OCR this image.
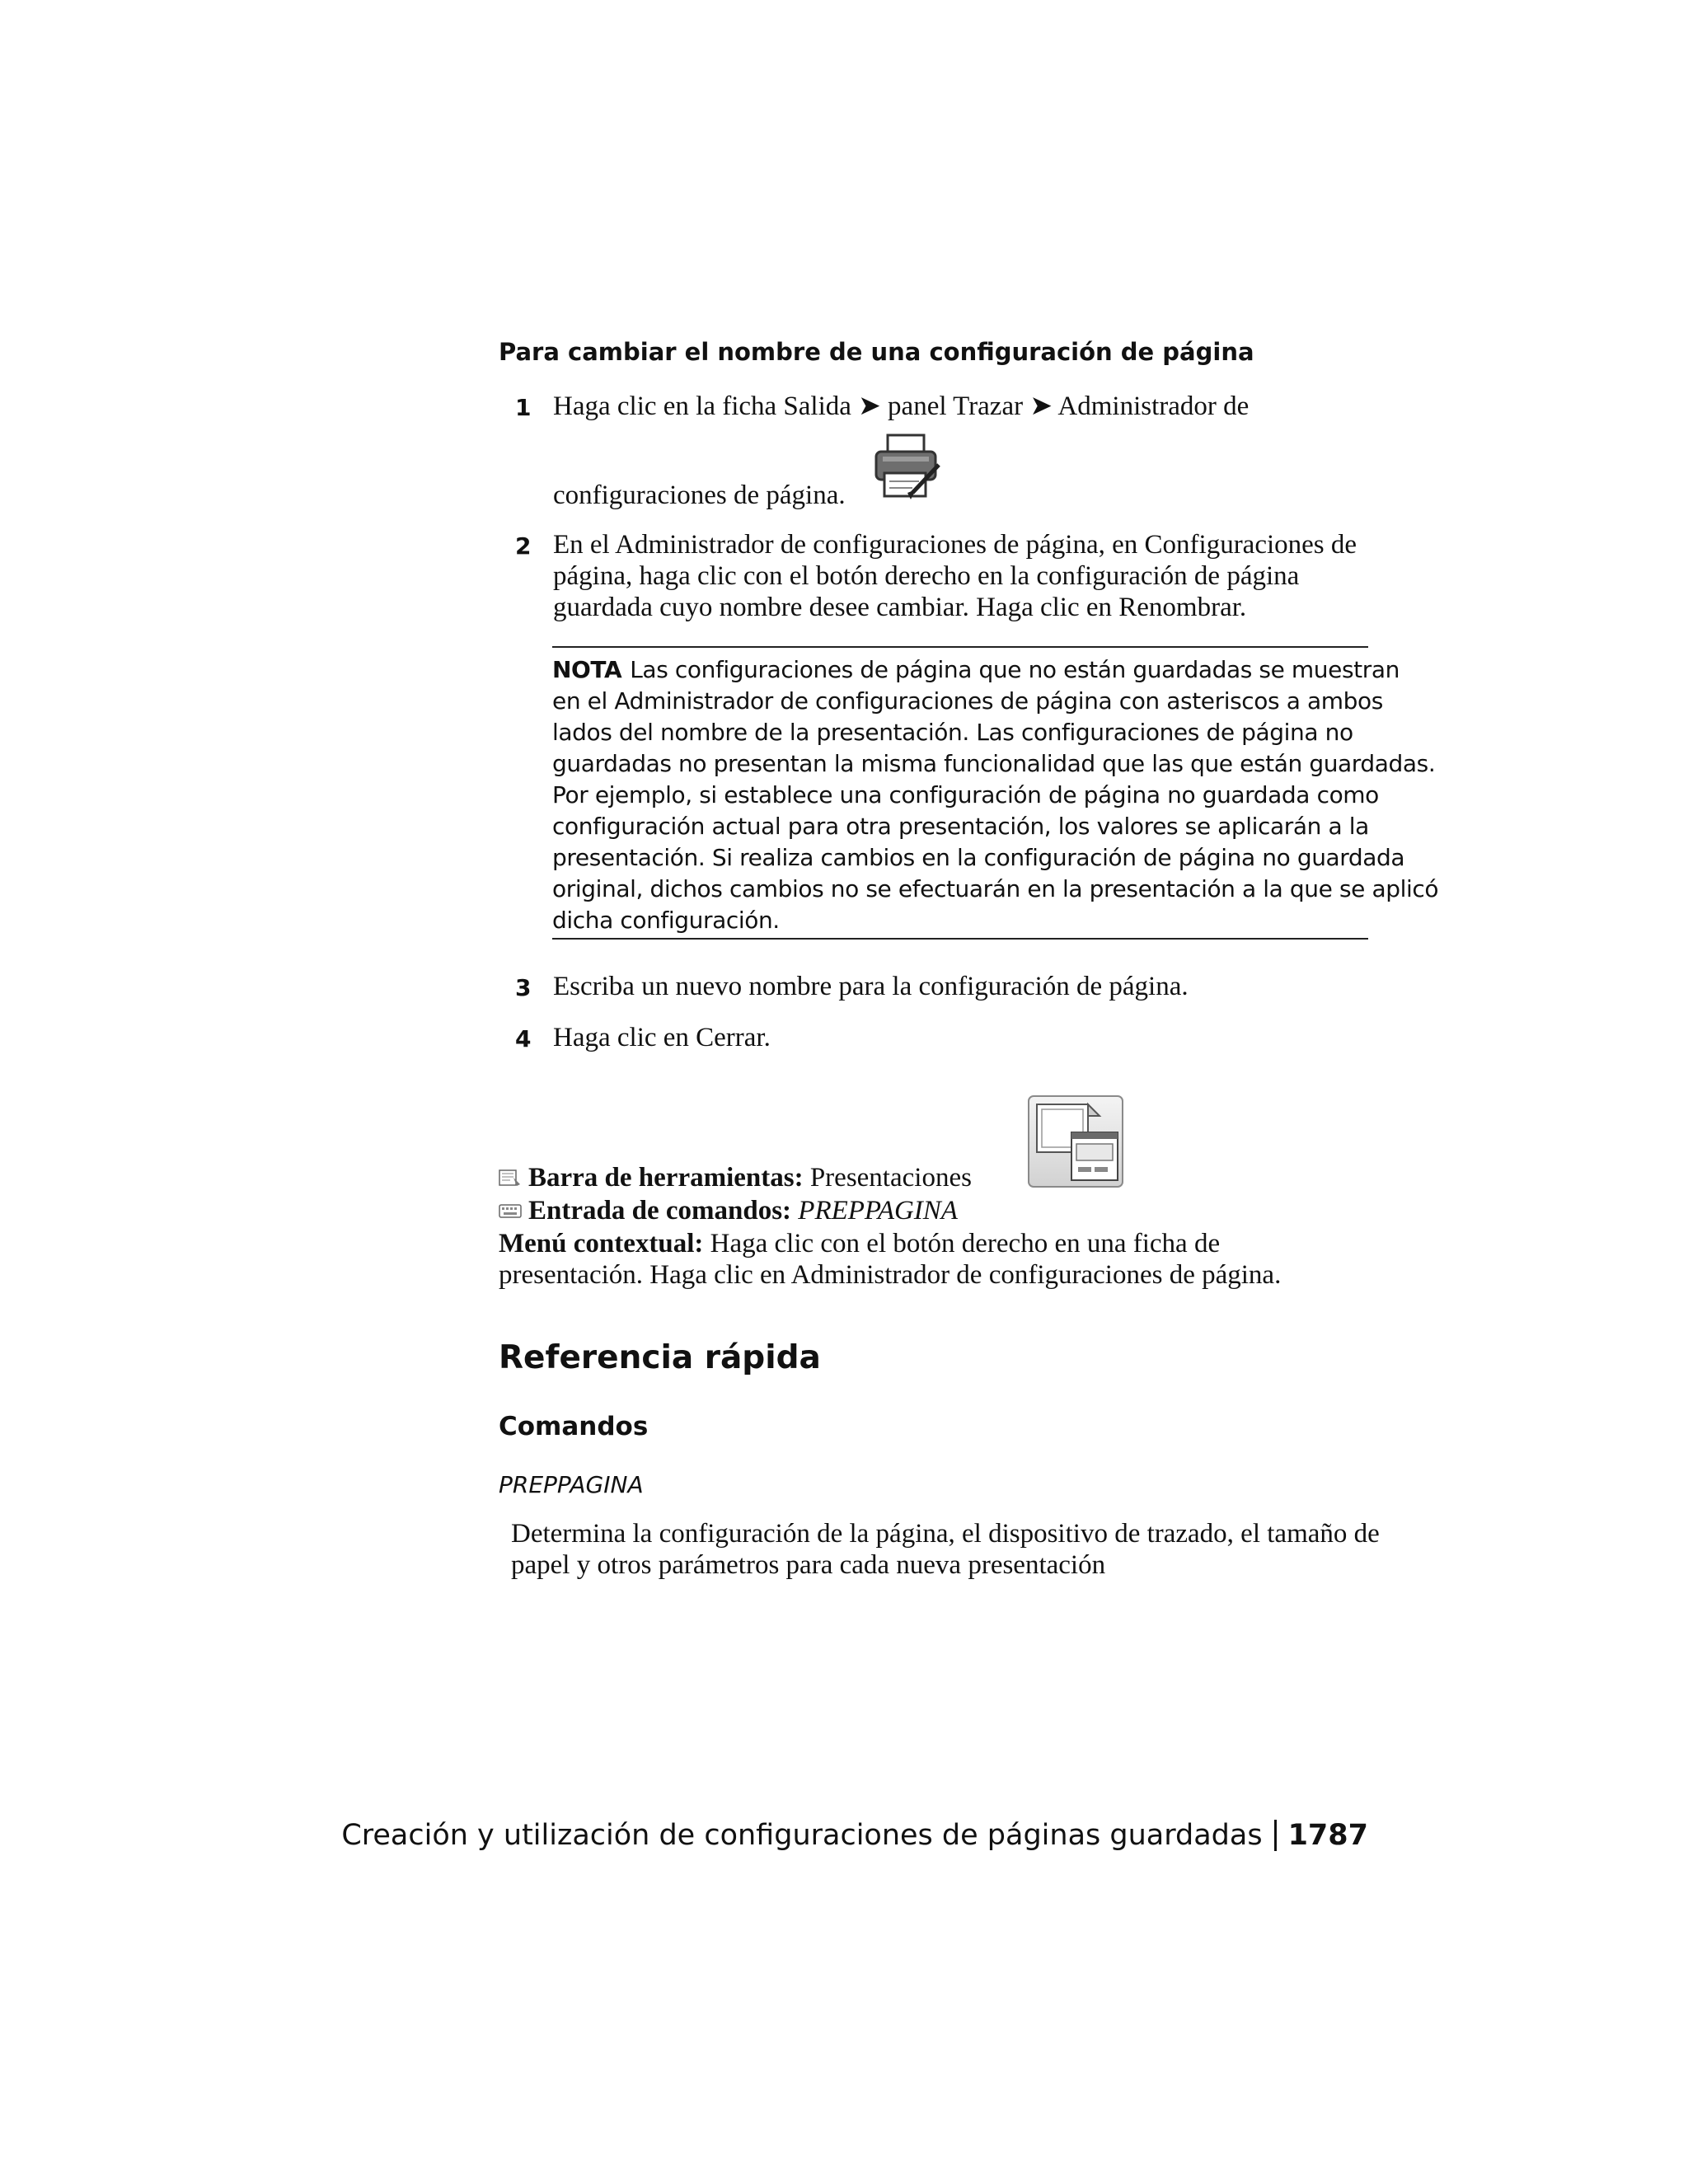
Para cambiar el nombre de una configuración de página
1 Haga clic en la ficha Salida ➤ panel Trazar ➤ Administrador de
configuraciones de página.
2 En el Administrador de configuraciones de página, en Configuraciones de página, haga clic con el botón derecho en la configuración de página guardada cuyo nombre desee cambiar. Haga clic en Renombrar.
NOTA Las configuraciones de página que no están guardadas se muestran
en el Administrador de configuraciones de página con asteriscos a ambos
lados del nombre de la presentación. Las configuraciones de página no
guardadas no presentan la misma funcionalidad que las que están guardadas.
Por ejemplo, si establece una configuración de página no guardada como
configuración actual para otra presentación, los valores se aplicarán a la
presentación. Si realiza cambios en la configuración de página no guardada
original, dichos cambios no se efectuarán en la presentación a la que se aplicó
dicha configuración.
3 Escriba un nuevo nombre para la configuración de página.
4 Haga clic en Cerrar.
Barra de herramientas: Presentaciones
Entrada de comandos: PREPPAGINA
Menú contextual: Haga clic con el botón derecho en una ficha de
presentación. Haga clic en Administrador de configuraciones de página.
Referencia rápida
Comandos
PREPPAGINA
Determina la configuración de la página, el dispositivo de trazado, el tamaño de papel y otros parámetros para cada nueva presentación
Creación y utilización de configuraciones de páginas guardadas 1787
